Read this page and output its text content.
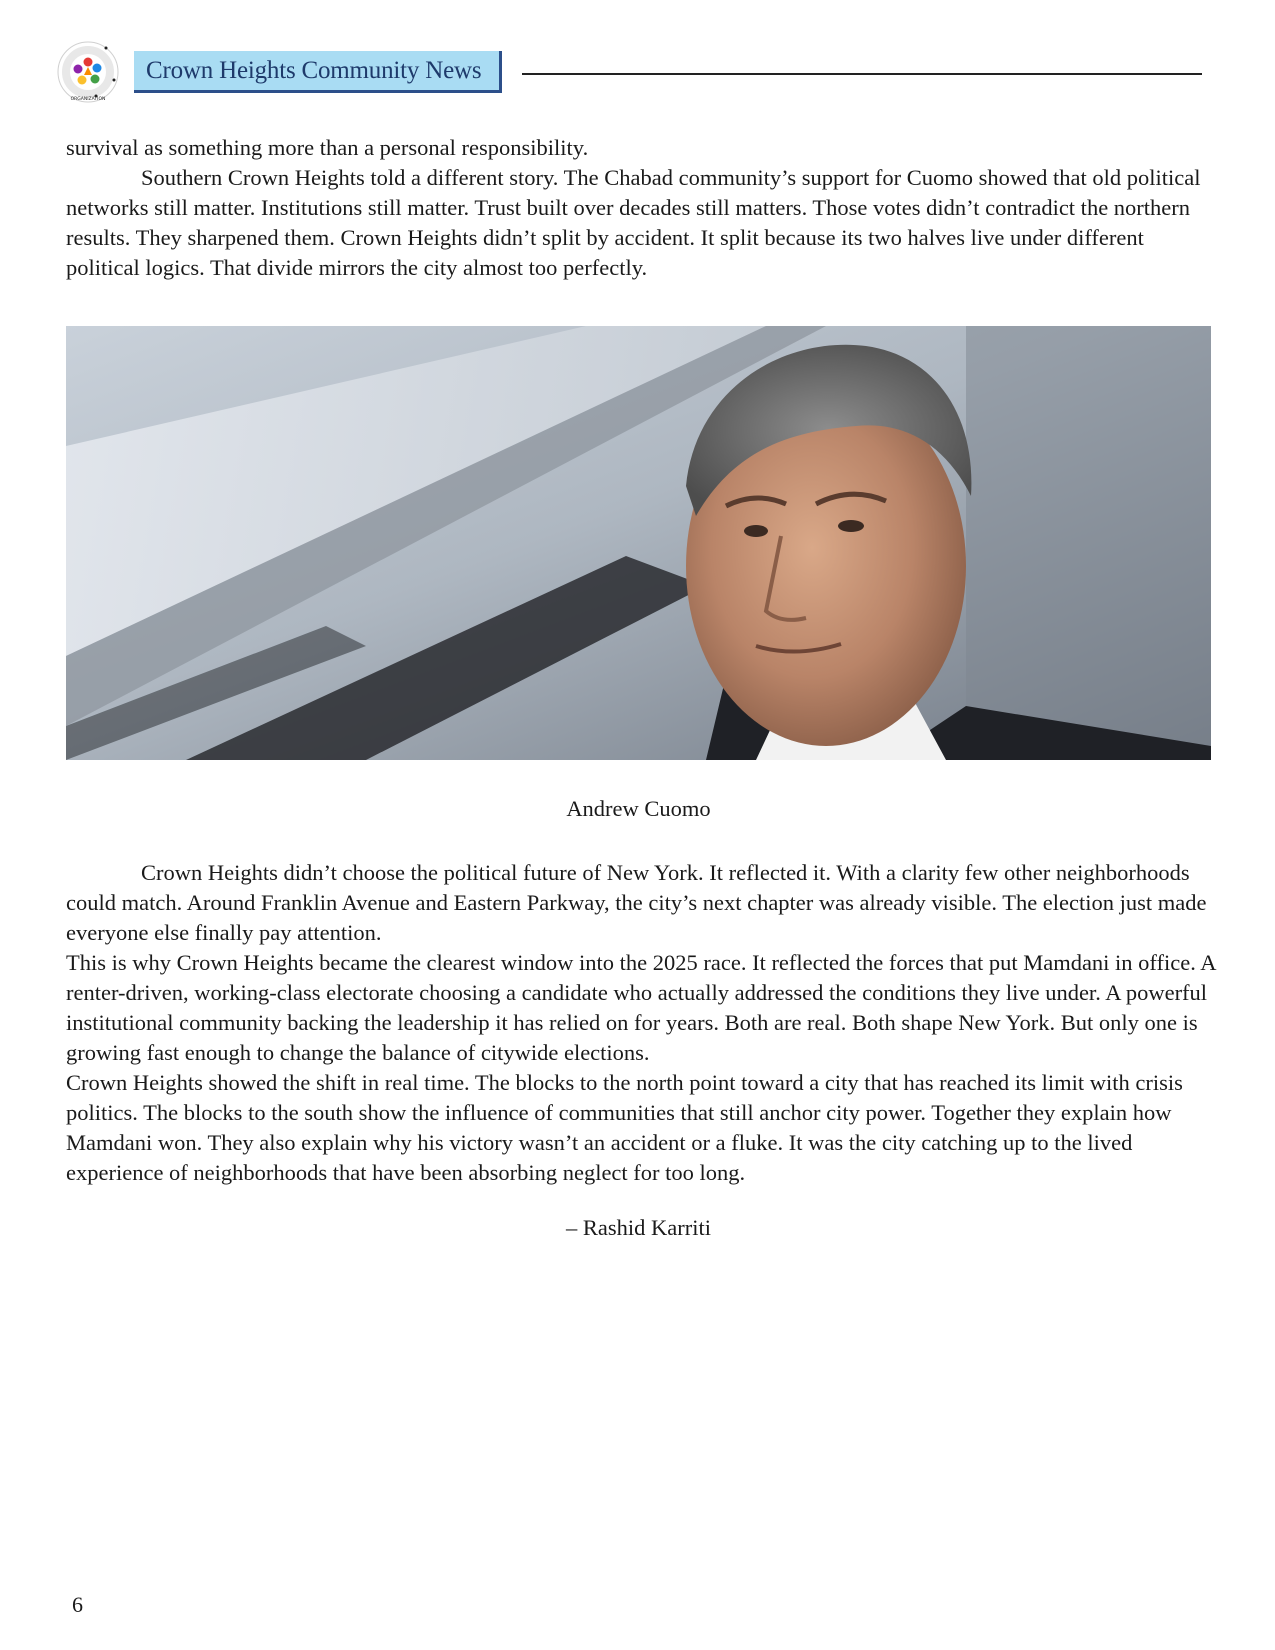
ORGANIZATION
Crown Heights Community News

survival as something more than a personal responsibility.

Southern Crown Heights told a different story. The Chabad community’s support for Cuomo showed that old political networks still matter. Institutions still matter. Trust built over decades still matters. Those votes didn’t contradict the northern results. They sharpened them. Crown Heights didn’t split by accident. It split because its two halves live under different political logics. That divide mirrors the city almost too perfectly.

Andrew Cuomo

Crown Heights didn’t choose the political future of New York. It reflected it. With a clarity few other neighborhoods could match. Around Franklin Avenue and Eastern Parkway, the city’s next chapter was already visible. The election just made everyone else finally pay attention.

This is why Crown Heights became the clearest window into the 2025 race. It reflected the forces that put Mamdani in office. A renter-driven, working-class electorate choosing a candidate who actually addressed the conditions they live under. A powerful institutional community backing the leadership it has relied on for years. Both are real. Both shape New York. But only one is growing fast enough to change the balance of citywide elections.

Crown Heights showed the shift in real time. The blocks to the north point toward a city that has reached its limit with crisis politics. The blocks to the south show the influence of communities that still anchor city power. Together they explain how Mamdani won. They also explain why his victory wasn’t an accident or a fluke. It was the city catching up to the lived experience of neighborhoods that have been absorbing neglect for too long.

– Rashid Karriti
6
